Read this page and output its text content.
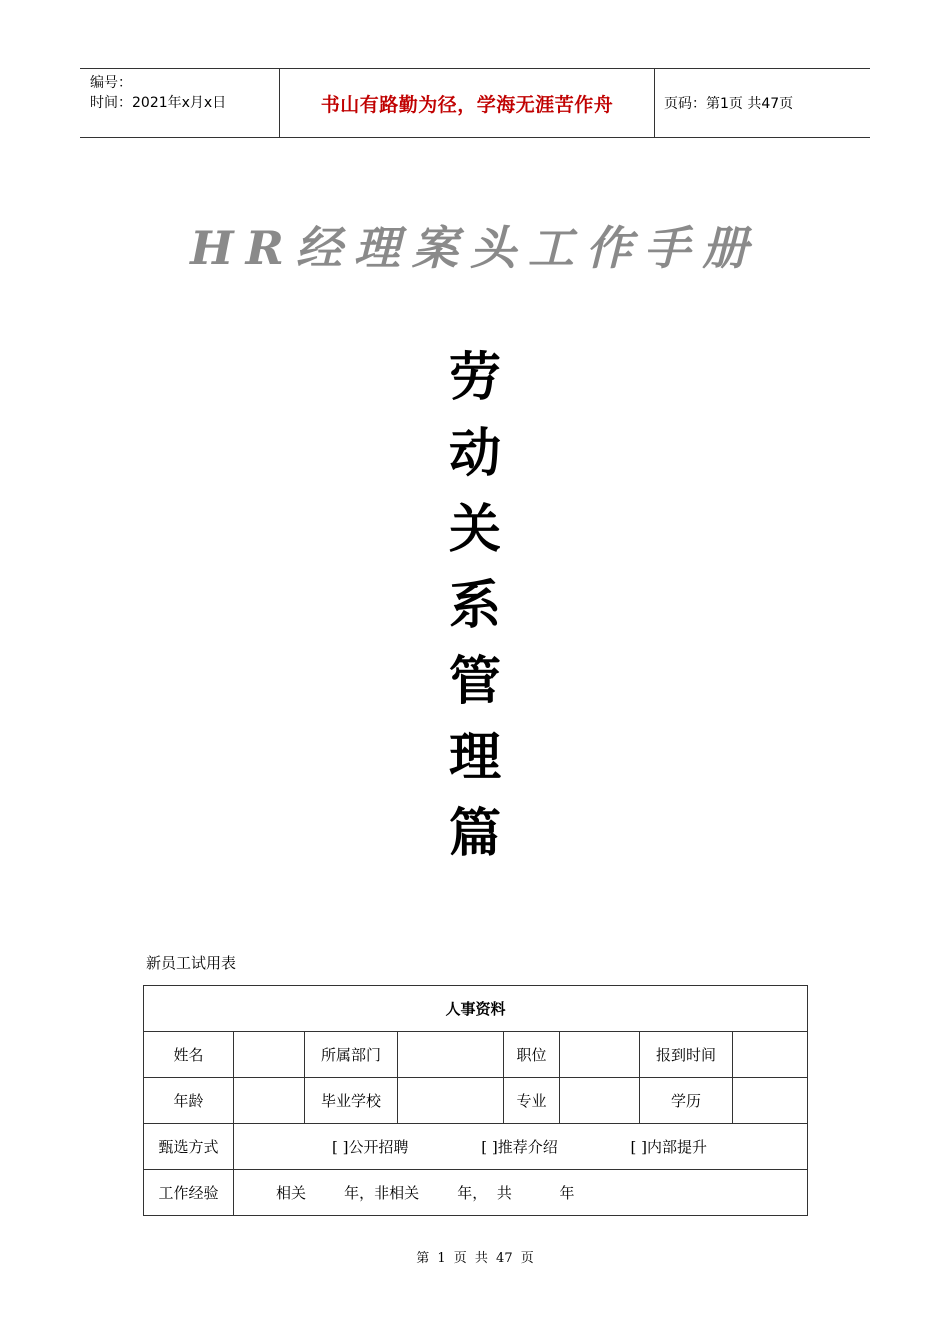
编号：
时间：2021年x月x日	书山有路勤为径，学海无涯苦作舟	页码：第1页 共47页
HR经理案头工作手册
劳
动
关
系
管
理
篇
新员工试用表
人事资料							
姓名		所属部门		职位		报到时间	
年龄		毕业学校		专业		学历	
甄选方式	[ ]公开招聘 [ ]推荐介绍 [ ]内部提升						
工作经验	相关        年，非相关        年，  共          年						
第 1 页 共 47 页
